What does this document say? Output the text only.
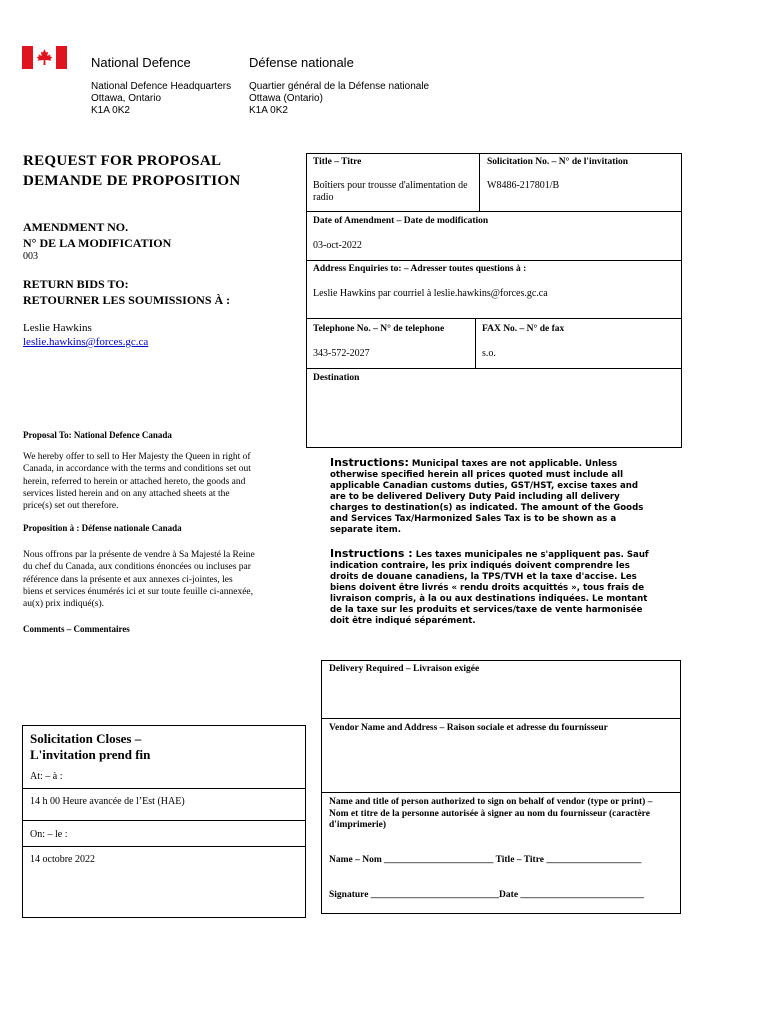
National Defence	Défense nationale
National Defence Headquarters
Ottawa, Ontario
K1A 0K2
Quartier général de la Défense nationale
Ottawa (Ontario)
K1A 0K2
REQUEST FOR PROPOSAL
DEMANDE DE PROPOSITION
AMENDMENT NO.
N° DE LA MODIFICATION
003
RETURN BIDS TO:
RETOURNER LES SOUMISSIONS À :
Leslie Hawkins
leslie.hawkins@forces.gc.ca
Proposal To: National Defence Canada
We hereby offer to sell to Her Majesty the Queen in right of Canada, in accordance with the terms and conditions set out herein, referred to herein or attached hereto, the goods and services listed herein and on any attached sheets at the price(s) set out therefore.
Proposition à : Défense nationale Canada
Nous offrons par la présente de vendre à Sa Majesté la Reine du chef du Canada, aux conditions énoncées ou incluses par référence dans la présente et aux annexes ci-jointes, les biens et services énumérés ici et sur toute feuille ci-annexée, au(x) prix indiqué(s).
Comments – Commentaires
Title – Titre
Boîtiers pour trousse d'alimentation de radio
Solicitation No. – N° de l'invitation
W8486-217801/B
Date of Amendment – Date de modification
03-oct-2022
Address Enquiries to: – Adresser toutes questions à :
Leslie Hawkins par courriel à leslie.hawkins@forces.gc.ca
Telephone No. – N° de telephone
343-572-2027
FAX No. – N° de fax
s.o.
Destination
Instructions: Municipal taxes are not applicable. Unless otherwise specified herein all prices quoted must include all applicable Canadian customs duties, GST/HST, excise taxes and are to be delivered Delivery Duty Paid including all delivery charges to destination(s) as indicated. The amount of the Goods and Services Tax/Harmonized Sales Tax is to be shown as a separate item.
Instructions : Les taxes municipales ne s'appliquent pas. Sauf indication contraire, les prix indiqués doivent comprendre les droits de douane canadiens, la TPS/TVH et la taxe d'accise. Les biens doivent être livrés « rendu droits acquittés », tous frais de livraison compris, à la ou aux destinations indiquées. Le montant de la taxe sur les produits et services/taxe de vente harmonisée doit être indiqué séparément.
Delivery Required – Livraison exigée
Vendor Name and Address – Raison sociale et adresse du fournisseur
Name and title of person authorized to sign on behalf of vendor (type or print) – Nom et titre de la personne autorisée à signer au nom du fournisseur (caractère d'imprimerie)
Name – Nom _______________________ Title – Titre ____________________
Signature ___________________________Date __________________________
Solicitation Closes –
L'invitation prend fin
At: – à :
14 h 00 Heure avancée de l’Est (HAE)
On: – le :
14 octobre 2022
